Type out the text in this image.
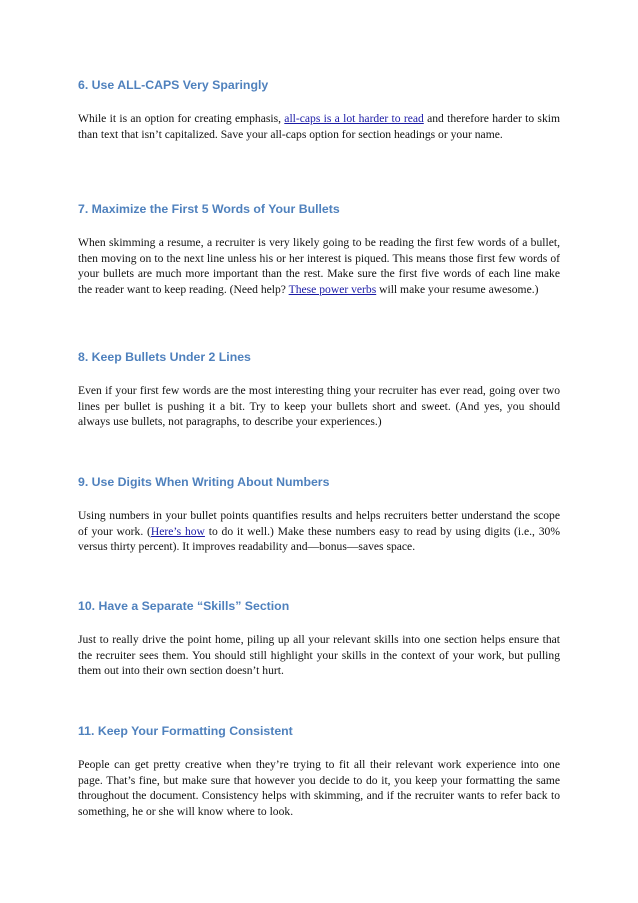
6. Use ALL-CAPS Very Sparingly

While it is an option for creating emphasis, all-caps is a lot harder to read and therefore harder to skim than text that isn’t capitalized. Save your all-caps option for section headings or your name.

7. Maximize the First 5 Words of Your Bullets

When skimming a resume, a recruiter is very likely going to be reading the first few words of a bullet, then moving on to the next line unless his or her interest is piqued. This means those first few words of your bullets are much more important than the rest. Make sure the first five words of each line make the reader want to keep reading. (Need help? These power verbs will make your resume awesome.)

8. Keep Bullets Under 2 Lines

Even if your first few words are the most interesting thing your recruiter has ever read, going over two lines per bullet is pushing it a bit. Try to keep your bullets short and sweet. (And yes, you should always use bullets, not paragraphs, to describe your experiences.)

9. Use Digits When Writing About Numbers

Using numbers in your bullet points quantifies results and helps recruiters better understand the scope of your work. (Here’s how to do it well.) Make these numbers easy to read by using digits (i.e., 30% versus thirty percent). It improves readability and—bonus—saves space.

10. Have a Separate “Skills” Section

Just to really drive the point home, piling up all your relevant skills into one section helps ensure that the recruiter sees them. You should still highlight your skills in the context of your work, but pulling them out into their own section doesn’t hurt.

11. Keep Your Formatting Consistent

People can get pretty creative when they’re trying to fit all their relevant work experience into one page. That’s fine, but make sure that however you decide to do it, you keep your formatting the same throughout the document. Consistency helps with skimming, and if the recruiter wants to refer back to something, he or she will know where to look.
